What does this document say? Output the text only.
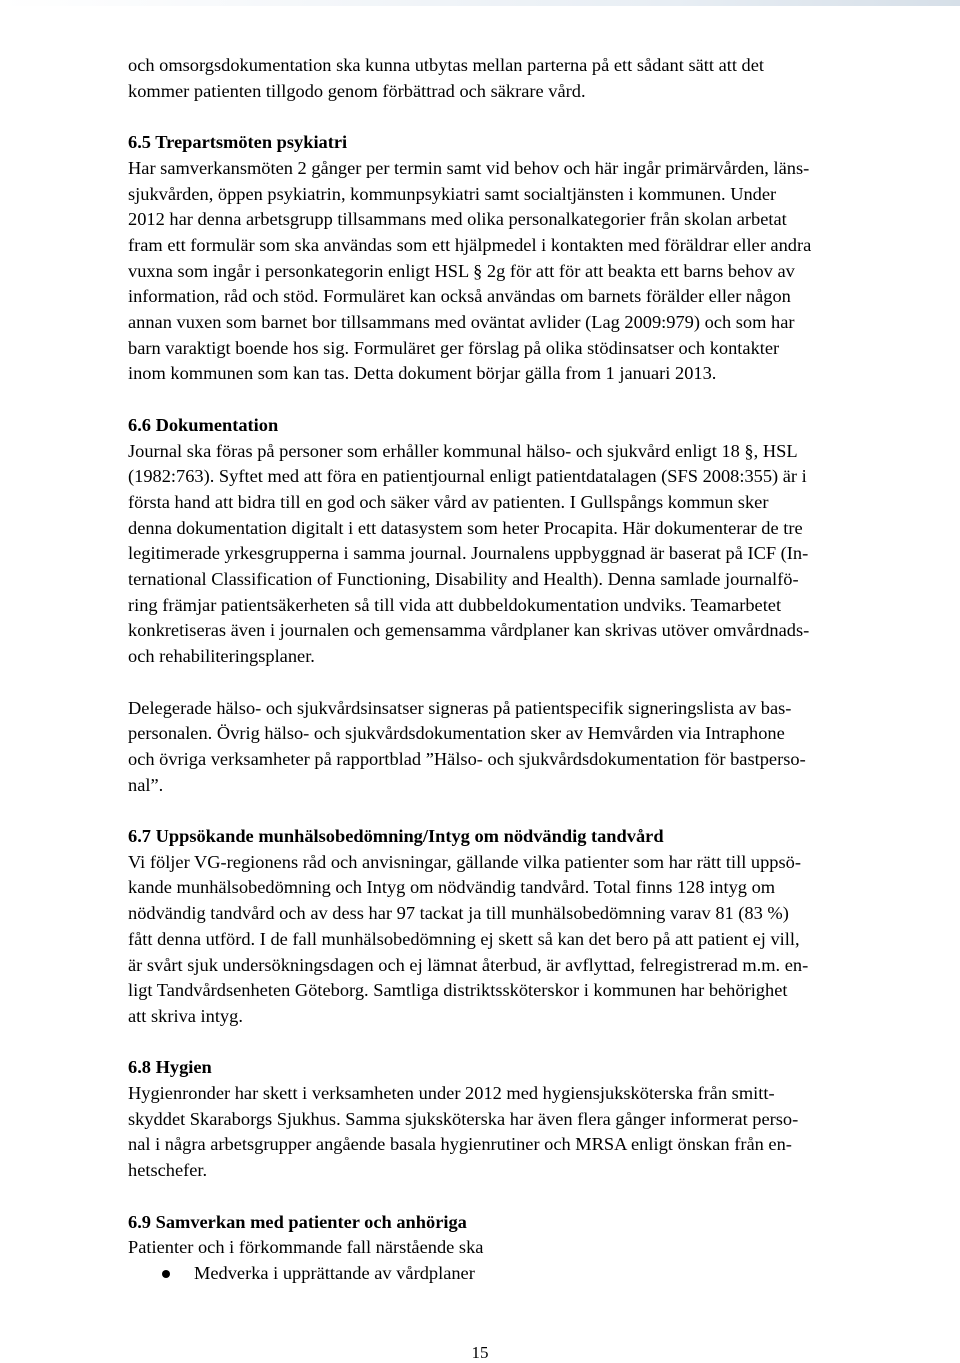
och omsorgsdokumentation ska kunna utbytas mellan parterna på ett sådant sätt att det
kommer patienten tillgodo genom förbättrad och säkrare vård.
6.5 Trepartsmöten psykiatri
Har samverkansmöten 2 gånger per termin samt vid behov och här ingår primärvården, läns-
sjukvården, öppen psykiatrin, kommunpsykiatri samt socialtjänsten i kommunen. Under
2012 har denna arbetsgrupp tillsammans med olika personalkategorier från skolan arbetat
fram ett formulär som ska användas som ett hjälpmedel i kontakten med föräldrar eller andra
vuxna som ingår i personkategorin enligt HSL § 2g för att för att beakta ett barns behov av
information, råd och stöd. Formuläret kan också användas om barnets förälder eller någon
annan vuxen som barnet bor tillsammans med oväntat avlider (Lag 2009:979) och som har
barn varaktigt boende hos sig. Formuläret ger förslag på olika stödinsatser och kontakter
inom kommunen som kan tas. Detta dokument börjar gälla from 1 januari 2013.
6.6 Dokumentation
Journal ska föras på personer som erhåller kommunal hälso- och sjukvård enligt 18 §, HSL
(1982:763). Syftet med att föra en patientjournal enligt patientdatalagen (SFS 2008:355) är i
första hand att bidra till en god och säker vård av patienten. I Gullspångs kommun sker
denna dokumentation digitalt i ett datasystem som heter Procapita. Här dokumenterar de tre
legitimerade yrkesgrupperna i samma journal. Journalens uppbyggnad är baserat på ICF (In-
ternational Classification of Functioning, Disability and Health). Denna samlade journalfö-
ring främjar patientsäkerheten så till vida att dubbeldokumentation undviks. Teamarbetet
konkretiseras även i journalen och gemensamma vårdplaner kan skrivas utöver omvårdnads-
och rehabiliteringsplaner.
Delegerade hälso- och sjukvårdsinsatser signeras på patientspecifik signeringslista av bas-
personalen. Övrig hälso- och sjukvårdsdokumentation sker av Hemvården via Intraphone
och övriga verksamheter på rapportblad ”Hälso- och sjukvårdsdokumentation för bastperso-
nal”.
6.7 Uppsökande munhälsobedömning/Intyg om nödvändig tandvård
Vi följer VG-regionens råd och anvisningar, gällande vilka patienter som har rätt till uppsö-
kande munhälsobedömning och Intyg om nödvändig tandvård. Total finns 128 intyg om
nödvändig tandvård och av dess har 97 tackat ja till munhälsobedömning varav 81 (83 %)
fått denna utförd. I de fall munhälsobedömning ej skett så kan det bero på att patient ej vill,
är svårt sjuk undersökningsdagen och ej lämnat återbud, är avflyttad, felregistrerad m.m. en-
ligt Tandvårdsenheten Göteborg. Samtliga distriktssköterskor i kommunen har behörighet
att skriva intyg.
6.8 Hygien
Hygienronder har skett i verksamheten under 2012 med hygiensjuksköterska från smitt-
skyddet Skaraborgs Sjukhus. Samma sjuksköterska har även flera gånger informerat perso-
nal i några arbetsgrupper angående basala hygienrutiner och MRSA enligt önskan från en-
hetschefer.
6.9 Samverkan med patienter och anhöriga
Patienter och i förkommande fall närstående ska
Medverka i upprättande av vårdplaner
15
